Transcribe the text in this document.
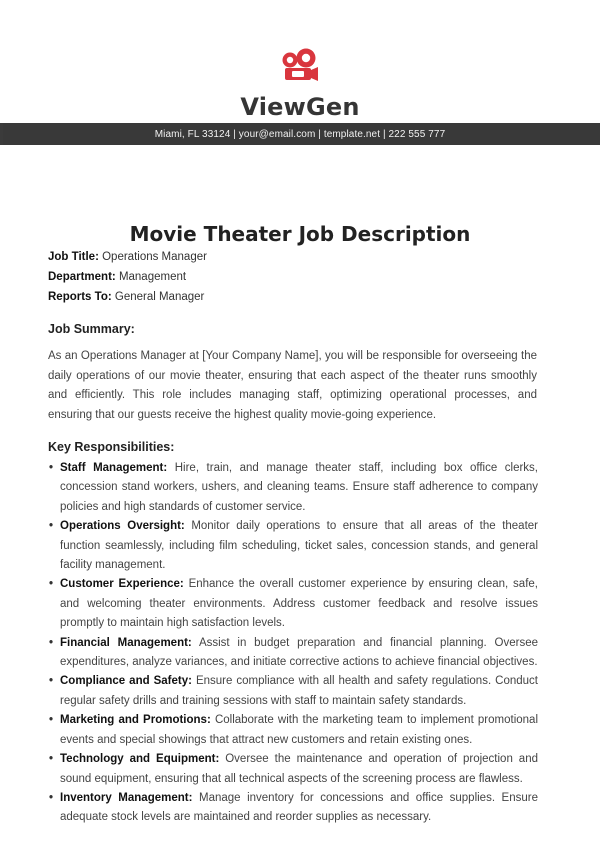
ViewGen
Miami, FL 33124 | your@email.com | template.net | 222 555 777
Movie Theater Job Description
Job Title: Operations Manager
Department: Management
Reports To: General Manager
Job Summary:
As an Operations Manager at [Your Company Name], you will be responsible for overseeing the daily operations of our movie theater, ensuring that each aspect of the theater runs smoothly and efficiently. This role includes managing staff, optimizing operational processes, and ensuring that our guests receive the highest quality movie-going experience.
Key Responsibilities:
• Staff Management: Hire, train, and manage theater staff, including box office clerks, concession stand workers, ushers, and cleaning teams. Ensure staff adherence to company policies and high standards of customer service.
• Operations Oversight: Monitor daily operations to ensure that all areas of the theater function seamlessly, including film scheduling, ticket sales, concession stands, and general facility management.
• Customer Experience: Enhance the overall customer experience by ensuring clean, safe, and welcoming theater environments. Address customer feedback and resolve issues promptly to maintain high satisfaction levels.
• Financial Management: Assist in budget preparation and financial planning. Oversee expenditures, analyze variances, and initiate corrective actions to achieve financial objectives.
• Compliance and Safety: Ensure compliance with all health and safety regulations. Conduct regular safety drills and training sessions with staff to maintain safety standards.
• Marketing and Promotions: Collaborate with the marketing team to implement promotional events and special showings that attract new customers and retain existing ones.
• Technology and Equipment: Oversee the maintenance and operation of projection and sound equipment, ensuring that all technical aspects of the screening process are flawless.
• Inventory Management: Manage inventory for concessions and office supplies. Ensure adequate stock levels are maintained and reorder supplies as necessary.
